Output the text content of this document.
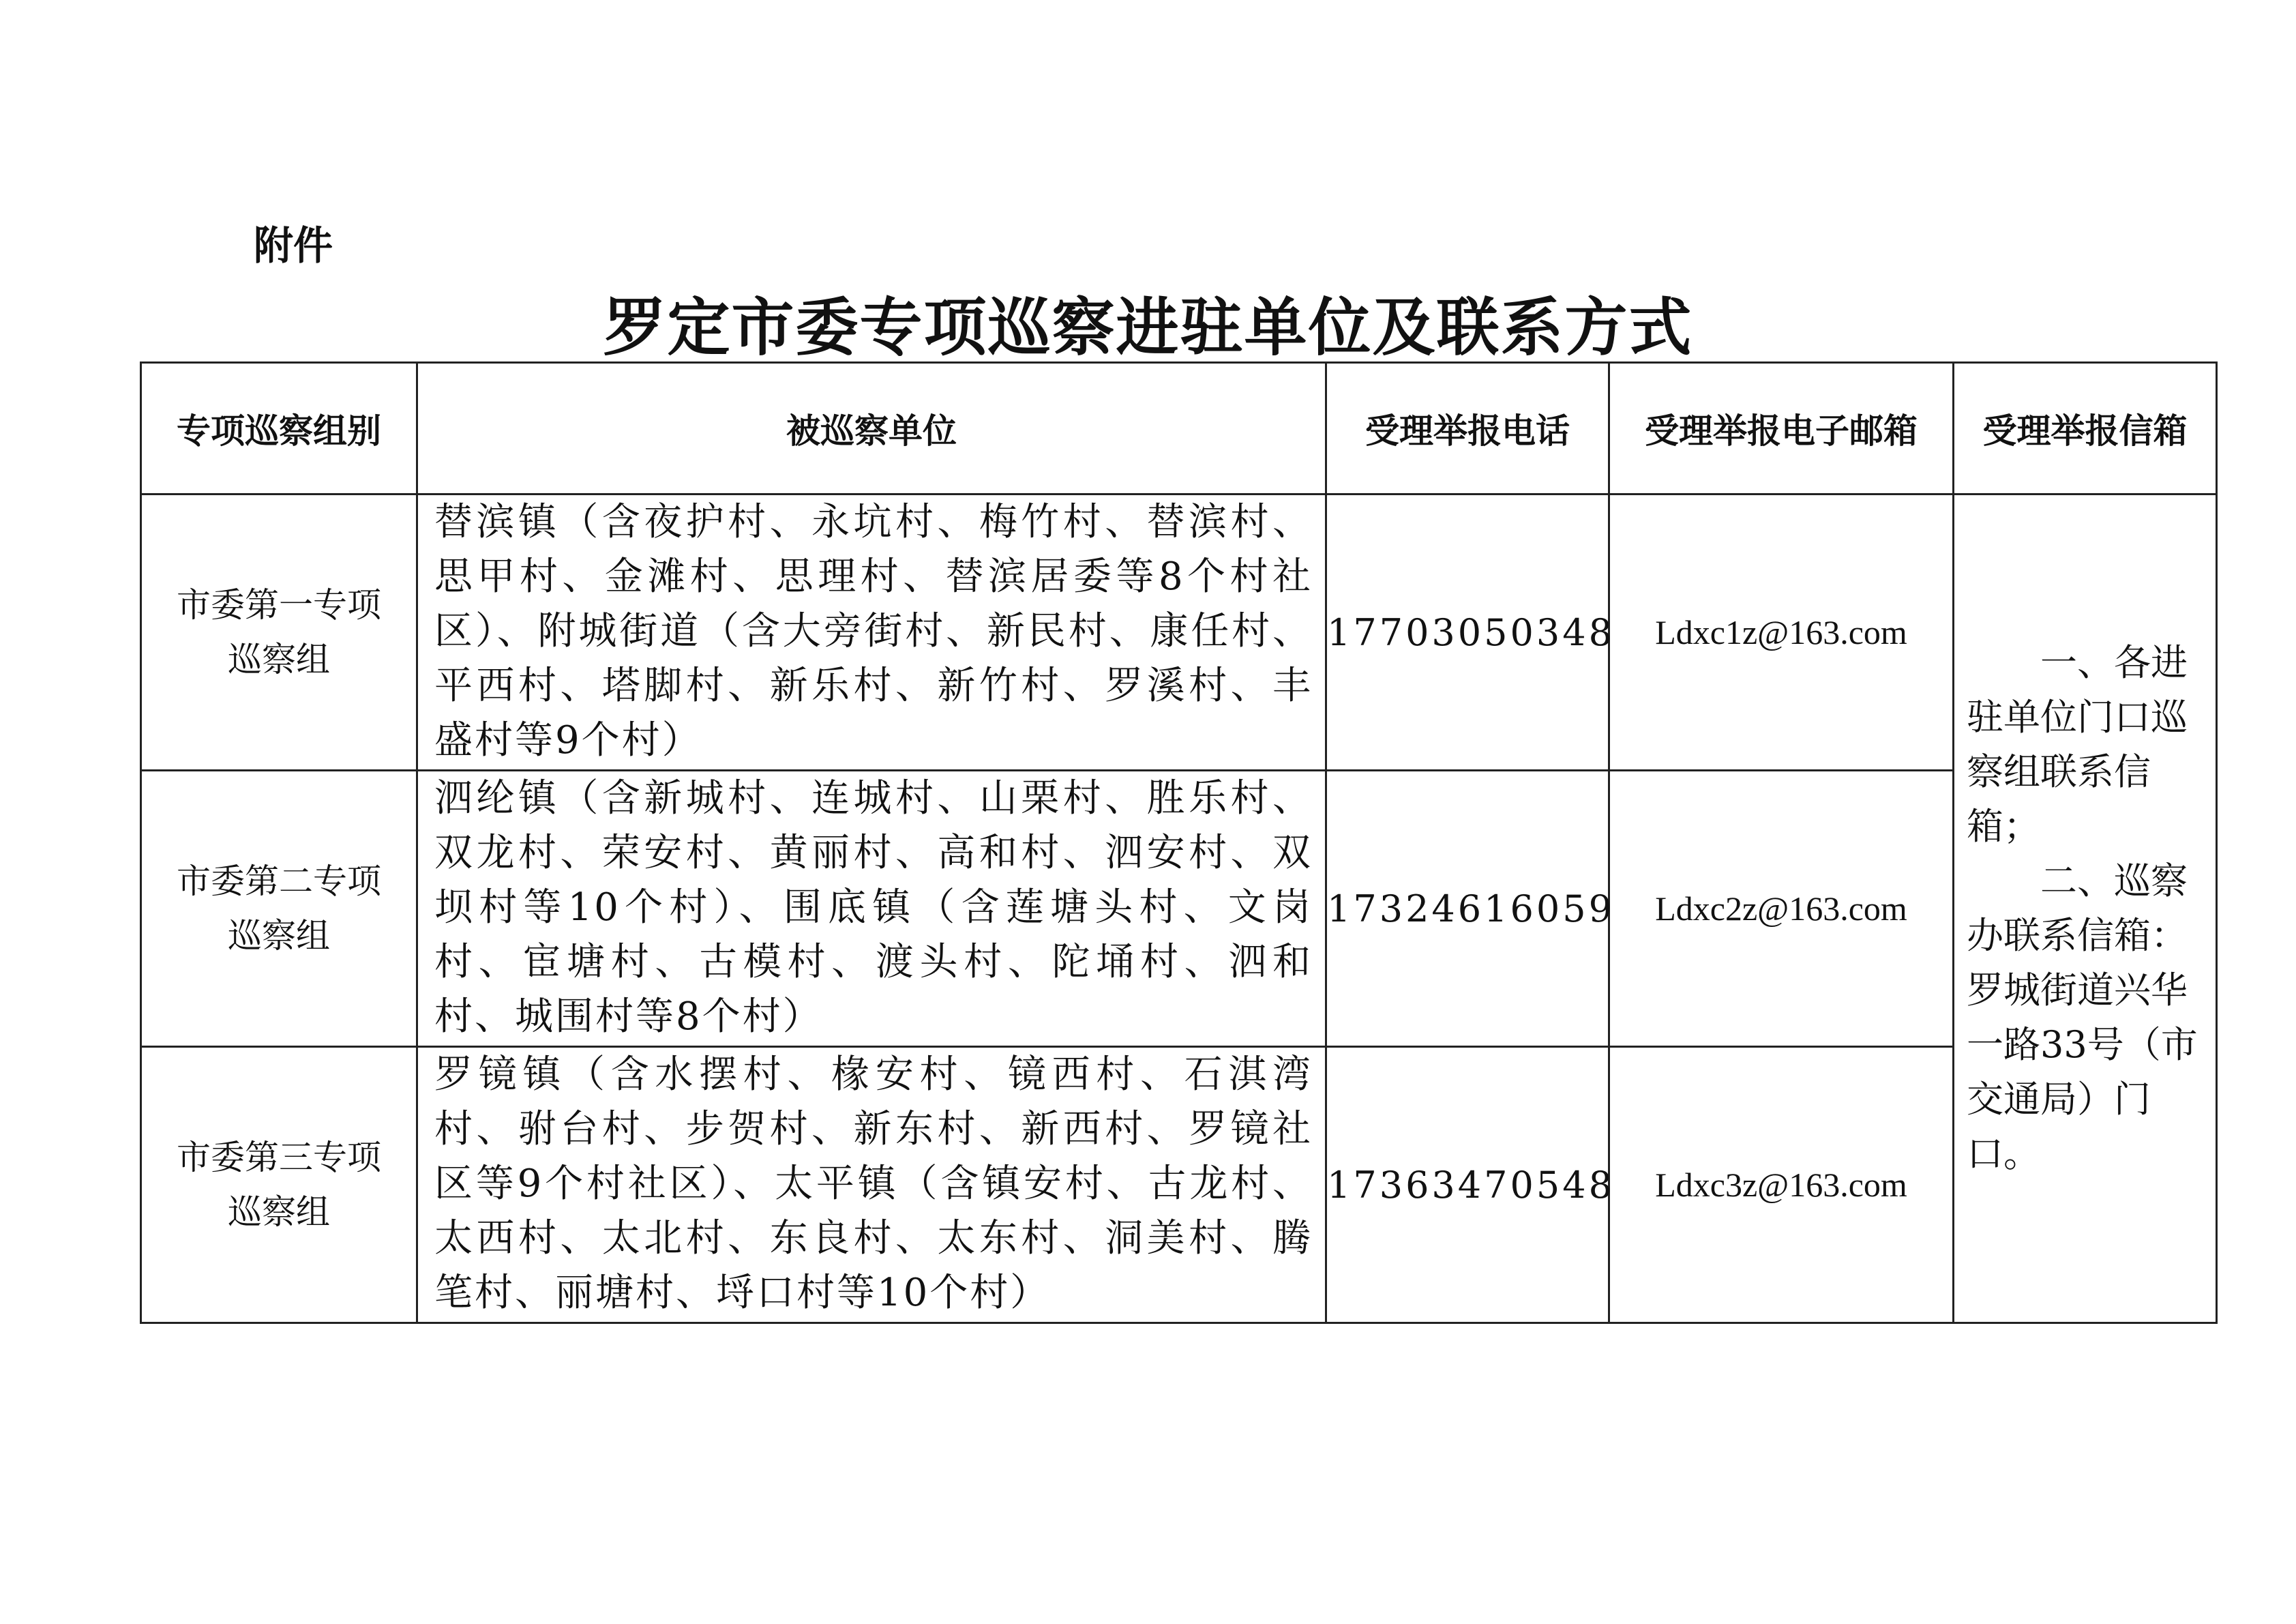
附件
罗定市委专项巡察进驻单位及联系方式
专项巡察组别	被巡察单位	受理举报电话	受理举报电子邮箱	受理举报信箱

市委第一专项巡察组	替滨镇（含夜护村、永坑村、梅竹村、替滨村、思甲村、金滩村、思理村、替滨居委等8个村社区）、附城街道（含大旁街村、新民村、康任村、平西村、塔脚村、新乐村、新竹村、罗溪村、丰盛村等9个村）	17703050348	Ldxc1z@163.com	一、各进驻单位门口巡察组联系信箱；

二、巡察办联系信箱：罗城街道兴华一路33号（市交通局）门口。

市委第二专项巡察组	泗纶镇（含新城村、连城村、山栗村、胜乐村、双龙村、荣安村、黄丽村、高和村、泗安村、双坝村等10个村）、围底镇（含莲塘头村、文岗村、宦塘村、古模村、渡头村、陀埇村、泗和村、城围村等8个村）	17324616059	Ldxc2z@163.com	

市委第三专项巡察组	罗镜镇（含水摆村、椽安村、镜西村、石淇湾村、驸台村、步贺村、新东村、新西村、罗镜社区等9个村社区）、太平镇（含镇安村、古龙村、太西村、太北村、东良村、太东村、洞美村、腾笔村、丽塘村、埒口村等10个村）	17363470548	Ldxc3z@163.com	
